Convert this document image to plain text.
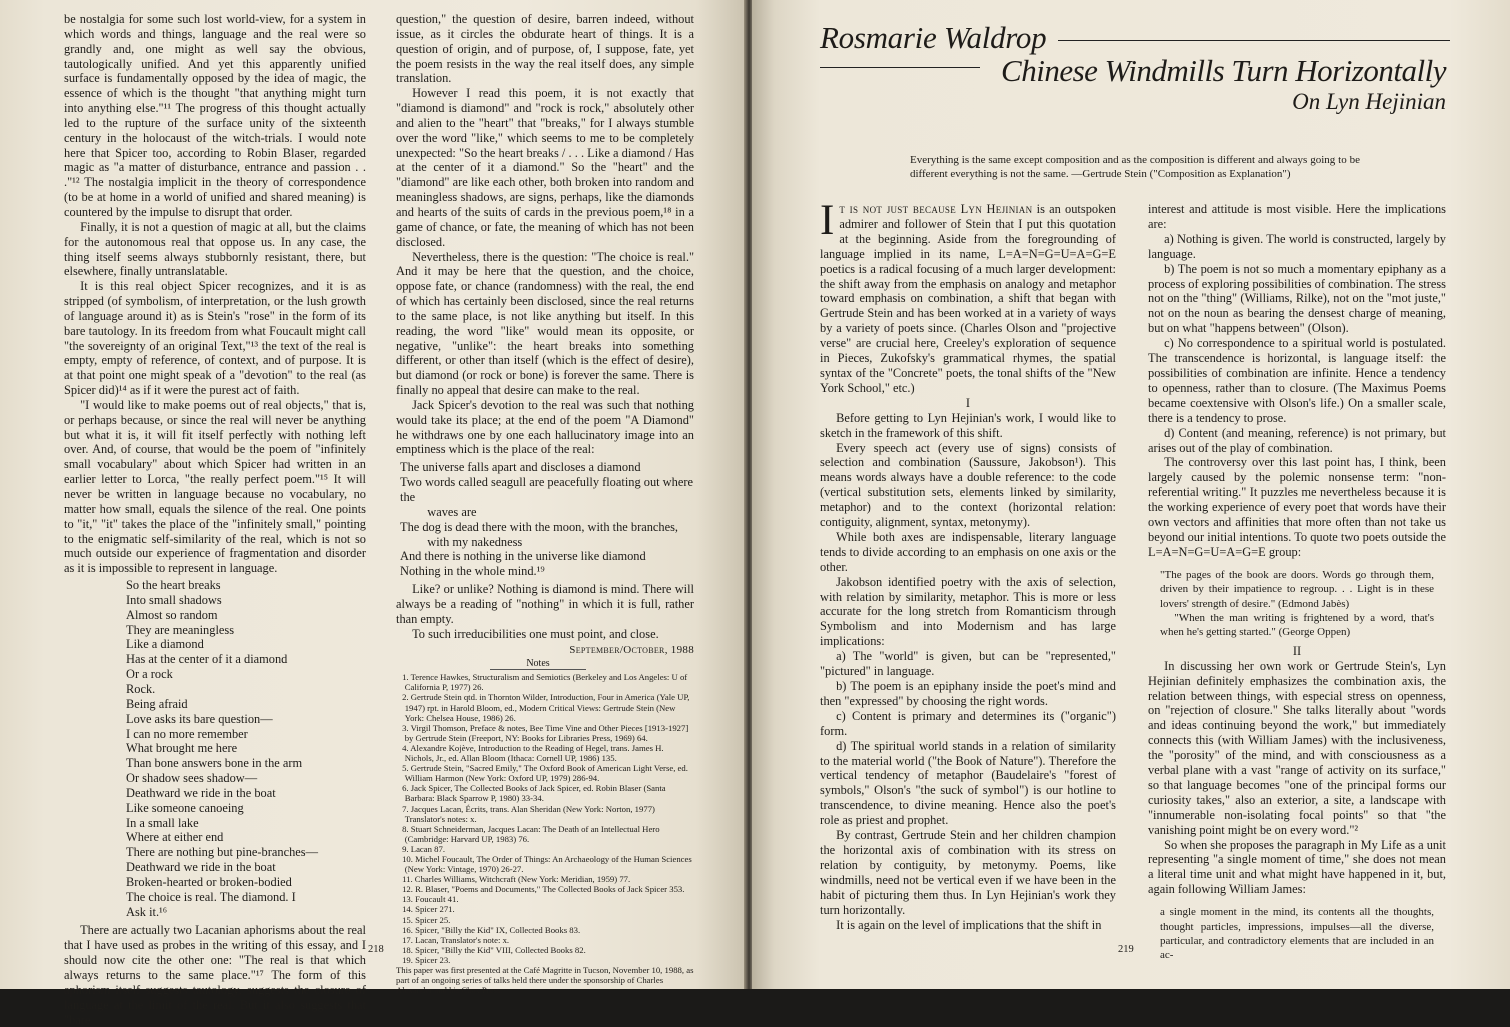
be nostalgia for some such lost world-view, for a system in which words and things, language and the real were so grandly and, one might as well say the obvious, tautologically unified. And yet this apparently unified surface is fundamentally opposed by the idea of magic, the essence of which is the thought "that anything might turn into anything else."¹¹ The progress of this thought actually led to the rupture of the surface unity of the sixteenth century in the holocaust of the witch-trials. I would note here that Spicer too, according to Robin Blaser, regarded magic as "a matter of disturbance, entrance and passion . . ."¹² The nostalgia implicit in the theory of correspondence (to be at home in a world of unified and shared meaning) is countered by the impulse to disrupt that order.

Finally, it is not a question of magic at all, but the claims for the autonomous real that oppose us. In any case, the thing itself seems always stubbornly resistant, there, but elsewhere, finally untranslatable.

It is this real object Spicer recognizes, and it is as stripped (of symbolism, of interpretation, or the lush growth of language around it) as is Stein's "rose" in the form of its bare tautology. In its freedom from what Foucault might call "the sovereignty of an original Text,"¹³ the text of the real is empty, empty of reference, of context, and of purpose. It is at that point one might speak of a "devotion" to the real (as Spicer did)¹⁴ as if it were the purest act of faith.

"I would like to make poems out of real objects," that is, or perhaps because, or since the real will never be anything but what it is, it will fit itself perfectly with nothing left over. And, of course, that would be the poem of "infinitely small vocabulary" about which Spicer had written in an earlier letter to Lorca, "the really perfect poem."¹⁵ It will never be written in language because no vocabulary, no matter how small, equals the silence of the real. One points to "it," "it" takes the place of the "infinitely small," pointing to the enigmatic self-similarity of the real, which is not so much outside our experience of fragmentation and disorder as it is impossible to represent in language.

So the heart breaks
Into small shadows
Almost so random
They are meaningless
Like a diamond
Has at the center of it a diamond
Or a rock
Rock.
Being afraid
Love asks its bare question—
I can no more remember
What brought me here
Than bone answers bone in the arm
Or shadow sees shadow—
Deathward we ride in the boat
Like someone canoeing
In a small lake
Where at either end
There are nothing but pine-branches—
Deathward we ride in the boat
Broken-hearted or broken-bodied
The choice is real. The diamond. I
Ask it.¹⁶

There are actually two Lacanian aphorisms about the real that I have used as probes in the writing of this essay, and I should now cite the other one: "The real is that which always returns to the same place."¹⁷ The form of this aphorism itself suggests tautology, suggests the closure of language at the limit of the real. But it also suggests that "bare

question," the question of desire, barren indeed, without issue, as it circles the obdurate heart of things. It is a question of origin, and of purpose, of, I suppose, fate, yet the poem resists in the way the real itself does, any simple translation.

However I read this poem, it is not exactly that "diamond is diamond" and "rock is rock," absolutely other and alien to the "heart" that "breaks," for I always stumble over the word "like," which seems to me to be completely unexpected: "So the heart breaks / . . . Like a diamond / Has at the center of it a diamond." So the "heart" and the "diamond" are like each other, both broken into random and meaningless shadows, are signs, perhaps, like the diamonds and hearts of the suits of cards in the previous poem,¹⁸ in a game of chance, or fate, the meaning of which has not been disclosed.

Nevertheless, there is the question: "The choice is real." And it may be here that the question, and the choice, oppose fate, or chance (randomness) with the real, the end of which has certainly been disclosed, since the real returns to the same place, is not like anything but itself. In this reading, the word "like" would mean its opposite, or negative, "unlike": the heart breaks into something different, or other than itself (which is the effect of desire), but diamond (or rock or bone) is forever the same. There is finally no appeal that desire can make to the real.

Jack Spicer's devotion to the real was such that nothing would take its place; at the end of the poem "A Diamond" he withdraws one by one each hallucinatory image into an emptiness which is the place of the real:

The universe falls apart and discloses a diamond
Two words called seagull are peacefully floating out where the
waves are
The dog is dead there with the moon, with the branches,
with my nakedness
And there is nothing in the universe like diamond
Nothing in the whole mind.¹⁹

Like? or unlike? Nothing is diamond is mind. There will always be a reading of "nothing" in which it is full, rather than empty.

To such irreducibilities one must point, and close.

September/October, 1988
Notes
1. Terence Hawkes, Structuralism and Semiotics (Berkeley and Los Angeles: U of California P, 1977) 26.
2. Gertrude Stein qtd. in Thornton Wilder, Introduction, Four in America (Yale UP, 1947) rpt. in Harold Bloom, ed., Modern Critical Views: Gertrude Stein (New York: Chelsea House, 1986) 26.
3. Virgil Thomson, Preface & notes, Bee Time Vine and Other Pieces [1913-1927] by Gertrude Stein (Freeport, NY: Books for Libraries Press, 1969) 64.
4. Alexandre Kojève, Introduction to the Reading of Hegel, trans. James H. Nichols, Jr., ed. Allan Bloom (Ithaca: Cornell UP, 1986) 135.
5. Gertrude Stein, "Sacred Emily," The Oxford Book of American Light Verse, ed. William Harmon (New York: Oxford UP, 1979) 286-94.
6. Jack Spicer, The Collected Books of Jack Spicer, ed. Robin Blaser (Santa Barbara: Black Sparrow P, 1980) 33-34.
7. Jacques Lacan, Écrits, trans. Alan Sheridan (New York: Norton, 1977) Translator's notes: x.
8. Stuart Schneiderman, Jacques Lacan: The Death of an Intellectual Hero (Cambridge: Harvard UP, 1983) 76.
9. Lacan 87.
10. Michel Foucault, The Order of Things: An Archaeology of the Human Sciences (New York: Vintage, 1970) 26-27.
11. Charles Williams, Witchcraft (New York: Meridian, 1959) 77.
12. R. Blaser, "Poems and Documents," The Collected Books of Jack Spicer 353.
13. Foucault 41.
14. Spicer 271.
15. Spicer 25.
16. Spicer, "Billy the Kid" IX, Collected Books 83.
17. Lacan, Translator's note: x.
18. Spicer, "Billy the Kid" VIII, Collected Books 82.
19. Spicer 23.
This paper was first presented at the Café Magritte in Tucson, November 10, 1988, as part of an ongoing series of talks held there under the sponsorship of Charles Alexander and his Chax Press.
218
Rosmarie Waldrop
Chinese Windmills Turn Horizontally
On Lyn Hejinian
Everything is the same except composition and as the composition is different and always going to be different everything is not the same. —Gertrude Stein ("Composition as Explanation")

It is not just because Lyn Hejinian is an outspoken admirer and follower of Stein that I put this quotation at the beginning. Aside from the foregrounding of language implied in its name, L=A=N=G=U=A=G=E poetics is a radical focusing of a much larger development: the shift away from the emphasis on analogy and metaphor toward emphasis on combination, a shift that began with Gertrude Stein and has been worked at in a variety of ways by a variety of poets since. (Charles Olson and "projective verse" are crucial here, Creeley's exploration of sequence in Pieces, Zukofsky's grammatical rhymes, the spatial syntax of the "Concrete" poets, the tonal shifts of the "New York School," etc.)

I

Before getting to Lyn Hejinian's work, I would like to sketch in the framework of this shift.

Every speech act (every use of signs) consists of selection and combination (Saussure, Jakobson¹). This means words always have a double reference: to the code (vertical substitution sets, elements linked by similarity, metaphor) and to the context (horizontal relation: contiguity, alignment, syntax, metonymy).

While both axes are indispensable, literary language tends to divide according to an emphasis on one axis or the other.

Jakobson identified poetry with the axis of selection, with relation by similarity, metaphor. This is more or less accurate for the long stretch from Romanticism through Symbolism and into Modernism and has large implications:

a) The "world" is given, but can be "represented," "pictured" in language.

b) The poem is an epiphany inside the poet's mind and then "expressed" by choosing the right words.

c) Content is primary and determines its ("organic") form.

d) The spiritual world stands in a relation of similarity to the material world ("the Book of Nature"). Therefore the vertical tendency of metaphor (Baudelaire's "forest of symbols," Olson's "the suck of symbol") is our hotline to transcendence, to divine meaning. Hence also the poet's role as priest and prophet.

By contrast, Gertrude Stein and her children champion the horizontal axis of combination with its stress on relation by contiguity, by metonymy. Poems, like windmills, need not be vertical even if we have been in the habit of picturing them thus. In Lyn Hejinian's work they turn horizontally.

It is again on the level of implications that the shift in

interest and attitude is most visible. Here the implications are:

a) Nothing is given. The world is constructed, largely by language.

b) The poem is not so much a momentary epiphany as a process of exploring possibilities of combination. The stress not on the "thing" (Williams, Rilke), not on the "mot juste," not on the noun as bearing the densest charge of meaning, but on what "happens between" (Olson).

c) No correspondence to a spiritual world is postulated. The transcendence is horizontal, is language itself: the possibilities of combination are infinite. Hence a tendency to openness, rather than to closure. (The Maximus Poems became coextensive with Olson's life.) On a smaller scale, there is a tendency to prose.

d) Content (and meaning, reference) is not primary, but arises out of the play of combination.

The controversy over this last point has, I think, been largely caused by the polemic nonsense term: "non-referential writing." It puzzles me nevertheless because it is the working experience of every poet that words have their own vectors and affinities that more often than not take us beyond our initial intentions. To quote two poets outside the L=A=N=G=U=A=G=E group:

"The pages of the book are doors. Words go through them, driven by their impatience to regroup. . . Light is in these lovers' strength of desire." (Edmond Jabès)

"When the man writing is frightened by a word, that's when he's getting started." (George Oppen)

II

In discussing her own work or Gertrude Stein's, Lyn Hejinian definitely emphasizes the combination axis, the relation between things, with especial stress on openness, on "rejection of closure." She talks literally about "words and ideas continuing beyond the work," but immediately connects this (with William James) with the inclusiveness, the "porosity" of the mind, and with consciousness as a verbal plane with a vast "range of activity on its surface," so that language becomes "one of the principal forms our curiosity takes," also an exterior, a site, a landscape with "innumerable non-isolating focal points" so that "the vanishing point might be on every word."²

So when she proposes the paragraph in My Life as a unit representing "a single moment of time," she does not mean a literal time unit and what might have happened in it, but, again following William James:

a single moment in the mind, its contents all the thoughts, thought particles, impressions, impulses—all the diverse, particular, and contradictory elements that are included in an ac-

219
